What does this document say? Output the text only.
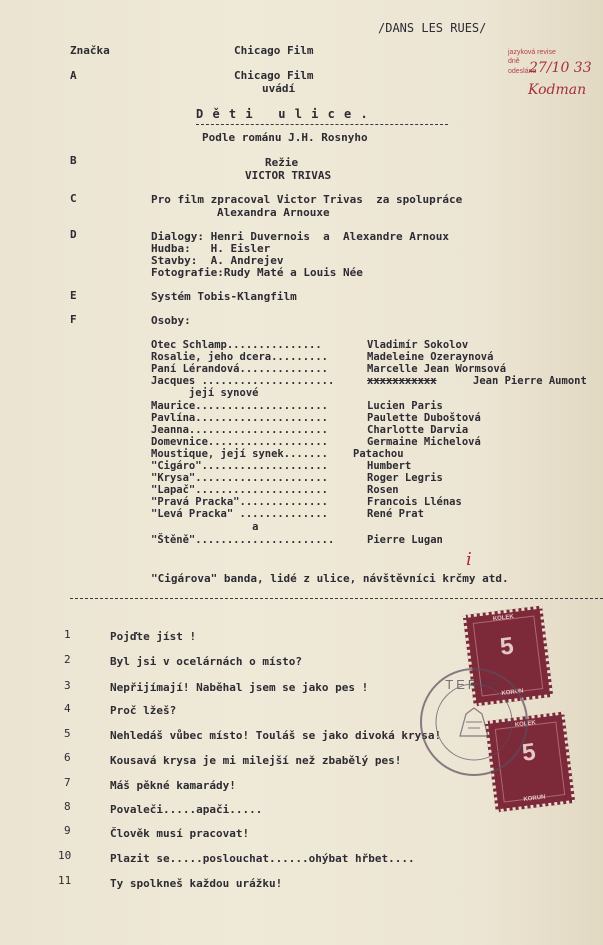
/DANS LES RUES/
jazyková revise
dně
odesláno
27/10 33
Kodman
Značka	Chicago Film
A	Chicago Film
uvádí
D ě t i   u l i c e .
Podle románu J.H. Rosnyho
B	Režie
VICTOR TRIVAS
C	Pro film zpracoval Victor Trivas  za spolupráce
Alexandra Arnouxe
D	Dialogy: Henri Duvernois  a  Alexandre Arnoux
Hudba:   H. Eisler
Stavby:  A. Andrejev
Fotografie:Rudy Maté a Louis Née
E	Systém Tobis-Klangfilm
F	Osoby:
Otec Schlamp...............	Vladimír Sokolov
Rosalie, jeho dcera.........	Madeleine Ozeraynová
Paní Lérandová..............	Marcelle Jean Wormsová
Jacques .....................	xxxxxxxxxxx	Jean Pierre Aumont
její synové
Maurice.....................	Lucien Paris
Pavlína.....................	Paulette Duboštová
Jeanna......................	Charlotte Darvia
Domevnice...................	Germaine Michelová
Moustique, její synek....... Patachou
"Cigáro"....................	Humbert
"Krysa".....................	Roger Legris
"Lapač".....................	Rosen
"Pravá Pracka"..............	Francois Llénas
"Levá Pracka" ..............	René Prat
a
"Štěně"......................	Pierre Lugan
"Cigárova" banda, lidé z ulice, návštěvníci krčmy atd.
i
1	Pojďte jíst !
2	Byl jsi v ocelárnách o místo?
3	Nepřijímají! Naběhal jsem se jako pes !
4	Proč lžeš?
5	Nehledáš vůbec místo! Touláš se jako divoká krysa!
6	Kousavá krysa je mi milejší než zbabělý pes!
7	Máš pěkné kamarády!
8	Povaleči.....apači.....
9	Člověk musí pracovat!
10	Plazit se.....poslouchat......ohýbat hřbet....
11	Ty spolkneš každou urážku!
KOLEK
5
KORUN
KOLEK
5
KORUN
TERST
